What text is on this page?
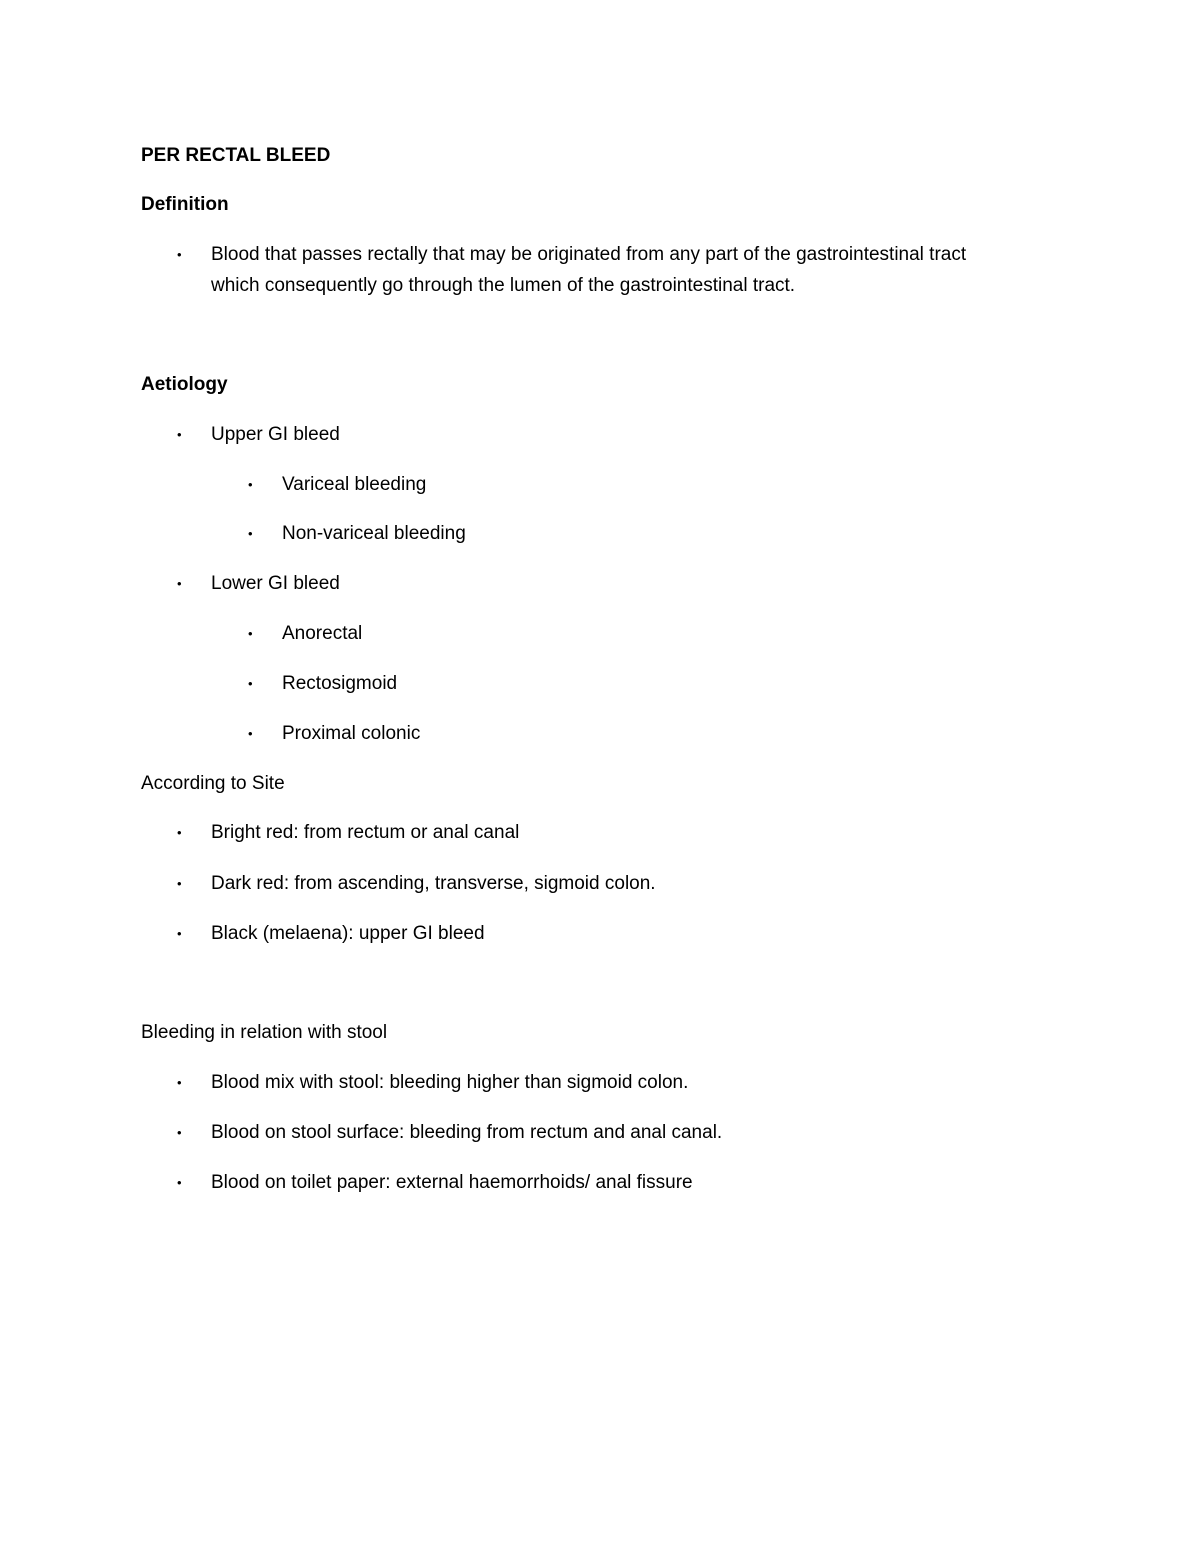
PER RECTAL BLEED
Definition
• Blood that passes rectally that may be originated from any part of the gastrointestinal tract
which consequently go through the lumen of the gastrointestinal tract.
Aetiology
• Upper GI bleed
• Variceal bleeding
• Non-variceal bleeding
• Lower GI bleed
• Anorectal
• Rectosigmoid
• Proximal colonic
According to Site
• Bright red: from rectum or anal canal
• Dark red: from ascending, transverse, sigmoid colon.
• Black (melaena): upper GI bleed
Bleeding in relation with stool
• Blood mix with stool: bleeding higher than sigmoid colon.
• Blood on stool surface: bleeding from rectum and anal canal.
• Blood on toilet paper: external haemorrhoids/ anal fissure
